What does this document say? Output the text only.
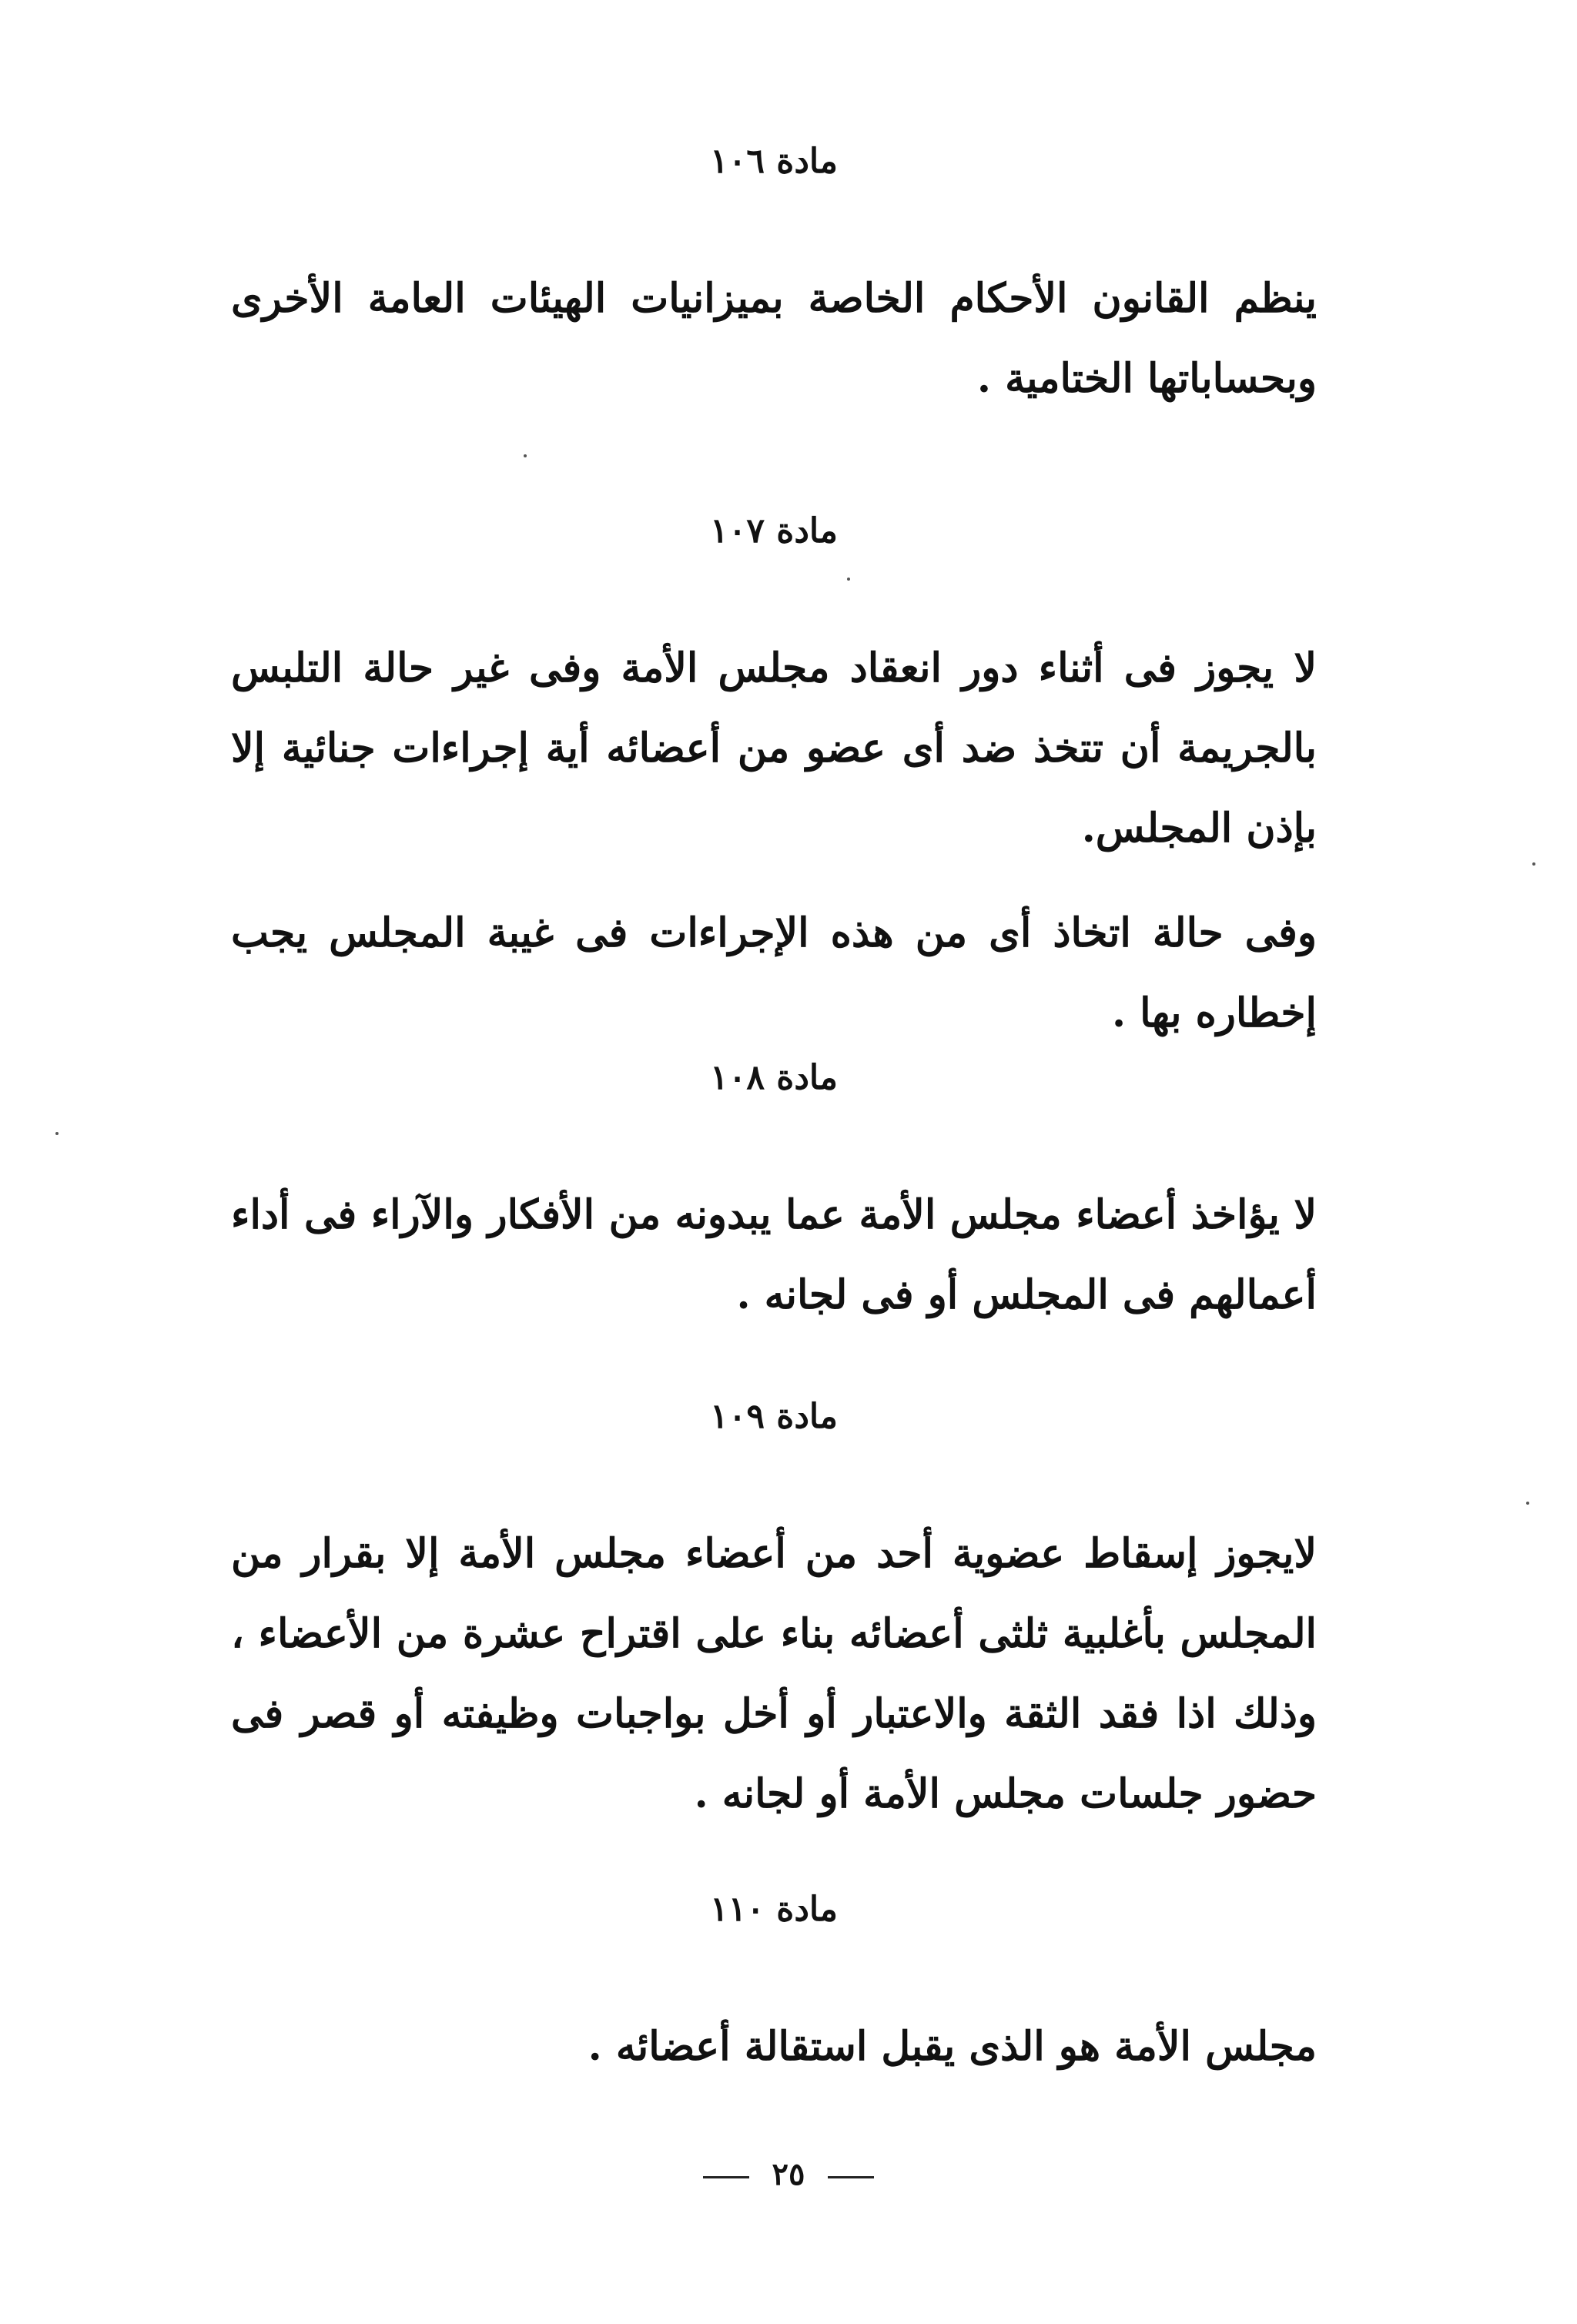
مادة ١٠٦

ينظم القانون الأحكام الخاصة بميزانيات الهيئات العامة الأخرى وبحساباتها الختامية .

مادة ١٠٧

لا يجوز فى أثناء دور انعقاد مجلس الأمة وفى غير حالة التلبس بالجريمة أن تتخذ ضد أى عضو من أعضائه أية إجراءات جنائية إلا بإذن المجلس.

وفى حالة اتخاذ أى من هذه الإجراءات فى غيبة المجلس يجب إخطاره بها .

مادة ١٠٨

لا يؤاخذ أعضاء مجلس الأمة عما يبدونه من الأفكار والآراء فى أداء أعمالهم فى المجلس أو فى لجانه .

مادة ١٠٩

لايجوز إسقاط عضوية أحد من أعضاء مجلس الأمة إلا بقرار من المجلس بأغلبية ثلثى أعضائه بناء على اقتراح عشرة من الأعضاء ، وذلك اذا فقد الثقة والاعتبار أو أخل بواجبات وظيفته أو قصر فى حضور جلسات مجلس الأمة أو لجانه .

مادة ١١٠

مجلس الأمة هو الذى يقبل استقالة أعضائه .

٢٥
